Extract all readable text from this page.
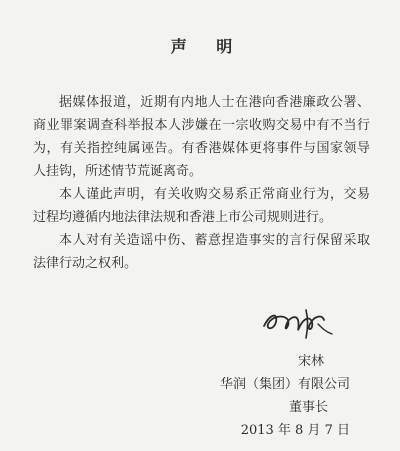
声 明

据媒体报道，近期有内地人士在港向香港廉政公署、商业罪案调查科举报本人涉嫌在一宗收购交易中有不当行为，有关指控纯属诬告。有香港媒体更将事件与国家领导人挂钩，所述情节荒诞离奇。

本人谨此声明，有关收购交易系正常商业行为，交易过程均遵循内地法律法规和香港上市公司规则进行。

本人对有关造谣中伤、蓄意捏造事实的言行保留采取法律行动之权利。

宋林
华润（集团）有限公司
董事长
2013 年 8 月 7 日
